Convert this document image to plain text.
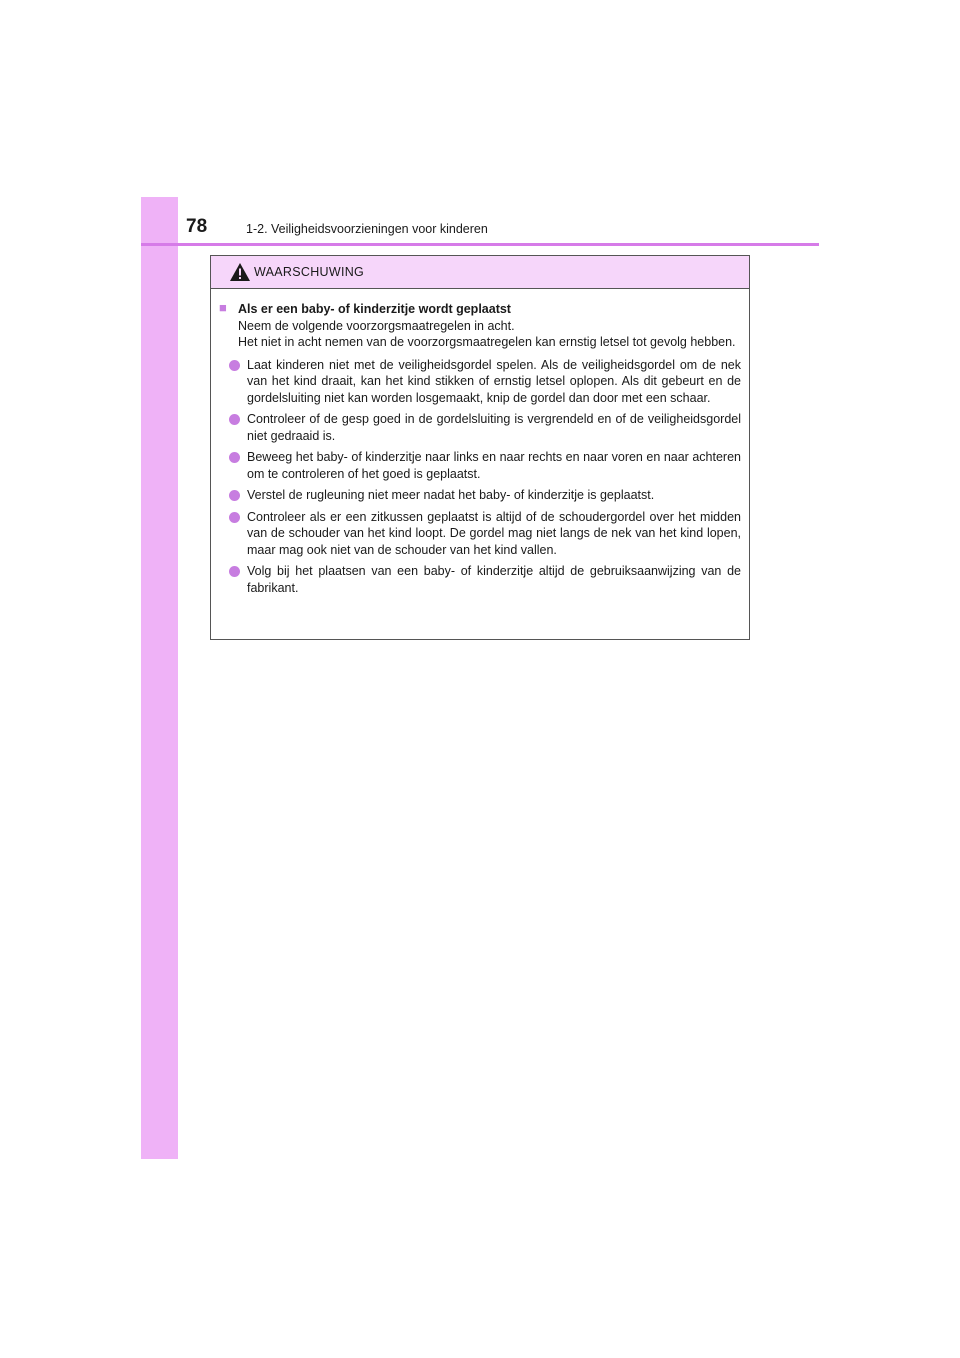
78	1-2. Veiligheidsvoorzieningen voor kinderen
WAARSCHUWING
■ Als er een baby- of kinderzitje wordt geplaatst

Neem de volgende voorzorgsmaatregelen in acht.

Het niet in acht nemen van de voorzorgsmaatregelen kan ernstig letsel tot gevolg hebben.

Laat kinderen niet met de veiligheidsgordel spelen. Als de veiligheidsgordel om de nek van het kind draait, kan het kind stikken of ernstig letsel oplopen. Als dit gebeurt en de gordelsluiting niet kan worden losgemaakt, knip de gordel dan door met een schaar.
Controleer of de gesp goed in de gordelsluiting is vergrendeld en of de veiligheidsgordel niet gedraaid is.
Beweeg het baby- of kinderzitje naar links en naar rechts en naar voren en naar achteren om te controleren of het goed is geplaatst.
Verstel de rugleuning niet meer nadat het baby- of kinderzitje is geplaatst.
Controleer als er een zitkussen geplaatst is altijd of de schoudergordel over het midden van de schouder van het kind loopt. De gordel mag niet langs de nek van het kind lopen, maar mag ook niet van de schouder van het kind vallen.
Volg bij het plaatsen van een baby- of kinderzitje altijd de gebruiksaanwijzing van de fabrikant.
